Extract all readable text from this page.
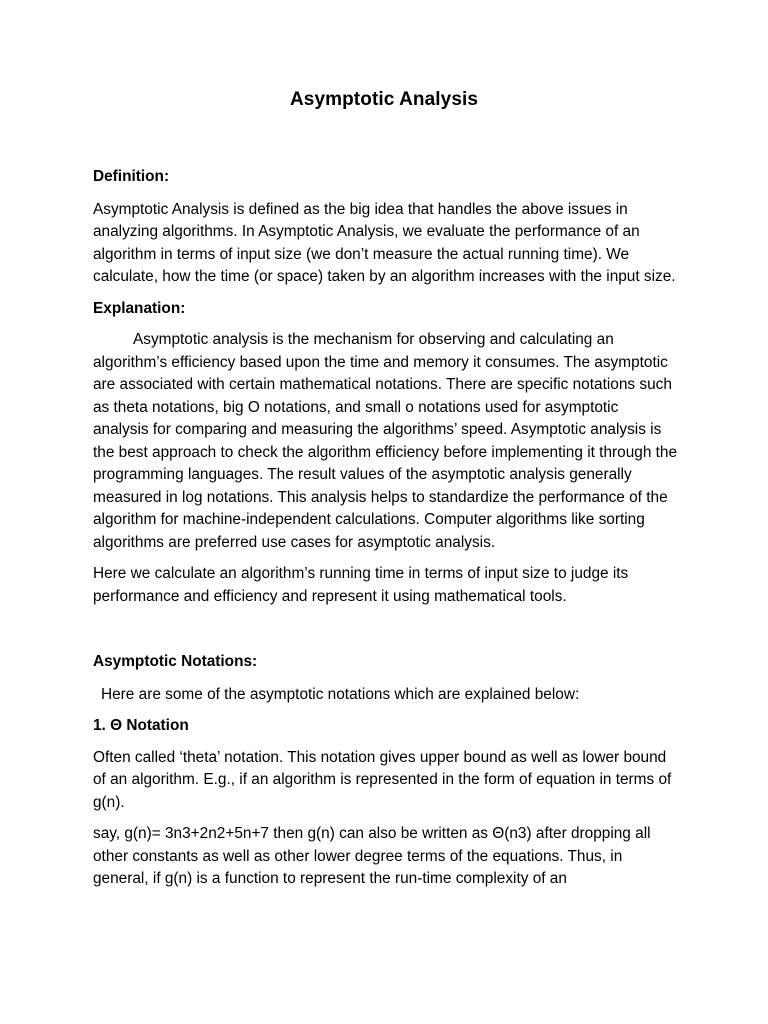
Asymptotic Analysis

Definition:

Asymptotic Analysis is defined as the big idea that handles the above issues in analyzing algorithms. In Asymptotic Analysis, we evaluate the performance of an algorithm in terms of input size (we don’t measure the actual running time). We calculate, how the time (or space) taken by an algorithm increases with the input size.

Explanation:

Asymptotic analysis is the mechanism for observing and calculating an algorithm’s efficiency based upon the time and memory it consumes. The asymptotic are associated with certain mathematical notations. There are specific notations such as theta notations, big O notations, and small o notations used for asymptotic analysis for comparing and measuring the algorithms’ speed. Asymptotic analysis is the best approach to check the algorithm efficiency before implementing it through the programming languages. The result values of the asymptotic analysis generally measured in log notations. This analysis helps to standardize the performance of the algorithm for machine-independent calculations. Computer algorithms like sorting algorithms are preferred use cases for asymptotic analysis.

Here we calculate an algorithm’s running time in terms of input size to judge its performance and efficiency and represent it using mathematical tools.

Asymptotic Notations:

Here are some of the asymptotic notations which are explained below:

1. Θ Notation

Often called ‘theta’ notation. This notation gives upper bound as well as lower bound of an algorithm. E.g., if an algorithm is represented in the form of equation in terms of g(n).

say, g(n)= 3n3+2n2+5n+7 then g(n) can also be written as Θ(n3) after dropping all other constants as well as other lower degree terms of the equations. Thus, in general, if g(n) is a function to represent the run-time complexity of an
